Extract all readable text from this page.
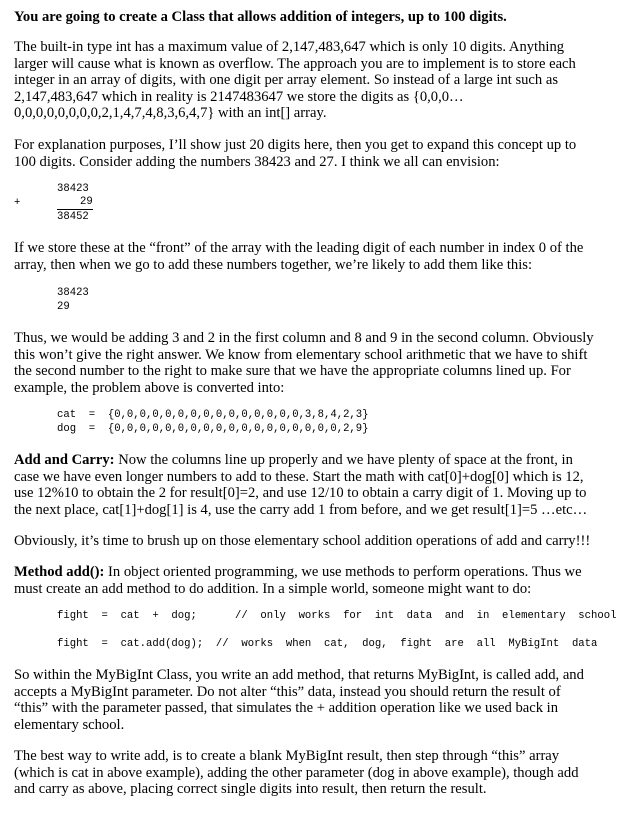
You are going to create a Class that allows addition of integers, up to 100 digits.

The built-in type int has a maximum value of 2,147,483,647 which is only 10 digits. Anything larger will cause what is known as overflow. The approach you are to implement is to store each integer in an array of digits, with one digit per array element. So instead of a large int such as 2,147,483,647 which in reality is 2147483647 we store the digits as {0,0,0…0,0,0,0,0,0,0,0,2,1,4,7,4,8,3,6,4,7} with an int[] array.

For explanation purposes, I’ll show just 20 digits here, then you get to expand this concept up to 100 digits. Consider adding the numbers 38423 and 27. I think we all can envision:

38423
+	29
38452

If we store these at the “front” of the array with the leading digit of each number in index 0 of the array, then when we go to add these numbers together, we’re likely to add them like this:

38423
29

Thus, we would be adding 3 and 2 in the first column and 8 and 9 in the second column. Obviously this won’t give the right answer. We know from elementary school arithmetic that we have to shift the second number to the right to make sure that we have the appropriate columns lined up. For example, the problem above is converted into:

cat  =  {0,0,0,0,0,0,0,0,0,0,0,0,0,0,0,3,8,4,2,3}
dog  =  {0,0,0,0,0,0,0,0,0,0,0,0,0,0,0,0,0,0,2,9}

Add and Carry: Now the columns line up properly and we have plenty of space at the front, in case we have even longer numbers to add to these. Start the math with cat[0]+dog[0] which is 12, use 12%10 to obtain the 2 for result[0]=2, and use 12/10 to obtain a carry digit of 1. Moving up to the next place, cat[1]+dog[1] is 4, use the carry add 1 from before, and we get result[1]=5 …etc…

Obviously, it’s time to brush up on those elementary school addition operations of add and carry!!!

Method add(): In object oriented programming, we use methods to perform operations. Thus we must create an add method to do addition. In a simple world, someone might want to do:

fight  =  cat  +  dog;      //  only  works  for  int  data  and  in  elementary  school
fight  =  cat.add(dog);  //  works  when  cat,  dog,  fight  are  all  MyBigInt  data

So within the MyBigInt Class, you write an add method, that returns MyBigInt, is called add, and accepts a MyBigInt parameter. Do not alter “this” data, instead you should return the result of “this” with the parameter passed, that simulates the + addition operation like we used back in elementary school.

The best way to write add, is to create a blank MyBigInt result, then step through “this” array (which is cat in above example), adding the other parameter (dog in above example), though add and carry as above, placing correct single digits into result, then return the result.
